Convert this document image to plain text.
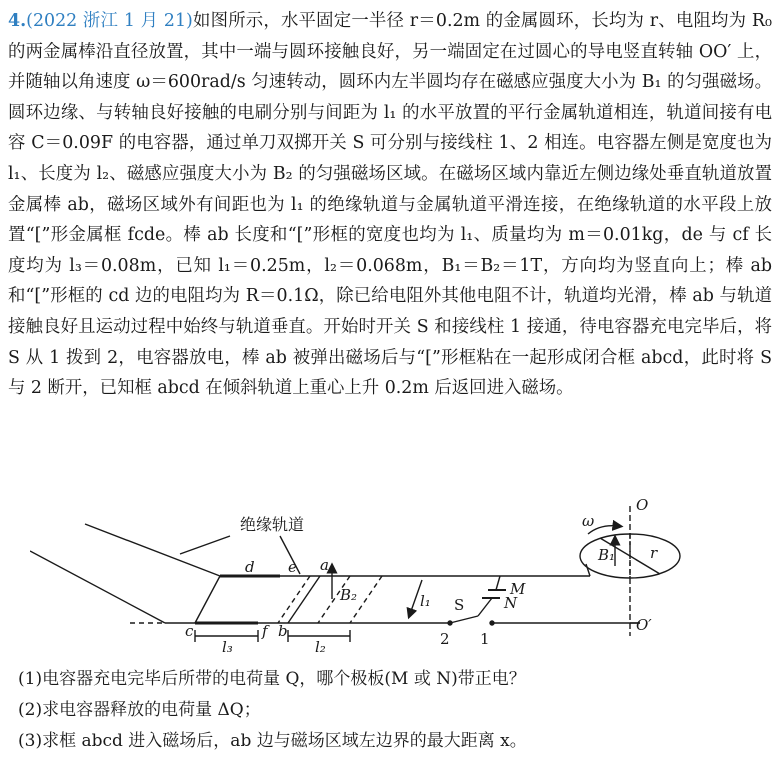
4.(2022 浙江 1 月 21)如图所示，水平固定一半径 r＝0.2m 的金属圆环，长均为 r、电阻均为 R₀ 的两金属棒沿直径放置，其中一端与圆环接触良好，另一端固定在过圆心的导电竖直转轴 OO′ 上，并随轴以角速度 ω＝600rad/s 匀速转动，圆环内左半圆均存在磁感应强度大小为 B₁ 的匀强磁场。圆环边缘、与转轴良好接触的电刷分别与间距为 l₁ 的水平放置的平行金属轨道相连，轨道间接有电容 C＝0.09F 的电容器，通过单刀双掷开关 S 可分别与接线柱 1、2 相连。电容器左侧是宽度也为 l₁、长度为 l₂、磁感应强度大小为 B₂ 的匀强磁场区域。在磁场区域内靠近左侧边缘处垂直轨道放置金属棒 ab，磁场区域外有间距也为 l₁ 的绝缘轨道与金属轨道平滑连接，在绝缘轨道的水平段上放置“[”形金属框 fcde。棒 ab 长度和“[”形框的宽度也均为 l₁、质量均为 m＝0.01kg，de 与 cf 长度均为 l₃＝0.08m，已知 l₁＝0.25m，l₂＝0.068m，B₁＝B₂＝1T，方向均为竖直向上；棒 ab 和“[”形框的 cd 边的电阻均为 R＝0.1Ω，除已给电阻外其他电阻不计，轨道均光滑，棒 ab 与轨道接触良好且运动过程中始终与轨道垂直。开始时开关 S 和接线柱 1 接通，待电容器充电完毕后，将 S 从 1 拨到 2，电容器放电，棒 ab 被弹出磁场后与“[”形框粘在一起形成闭合框 abcd，此时将 S 与 2 断开，已知框 abcd 在倾斜轨道上重心上升 0.2m 后返回进入磁场。
绝缘轨道
d e a
c	f b
l₃	l₂
l₁
B₂
S
M
N
1
2
O
O′
ω
B₁ r
(1)电容器充电完毕后所带的电荷量 Q，哪个极板(M 或 N)带正电？
(2)求电容器释放的电荷量 ΔQ；
(3)求框 abcd 进入磁场后，ab 边与磁场区域左边界的最大距离 x。
